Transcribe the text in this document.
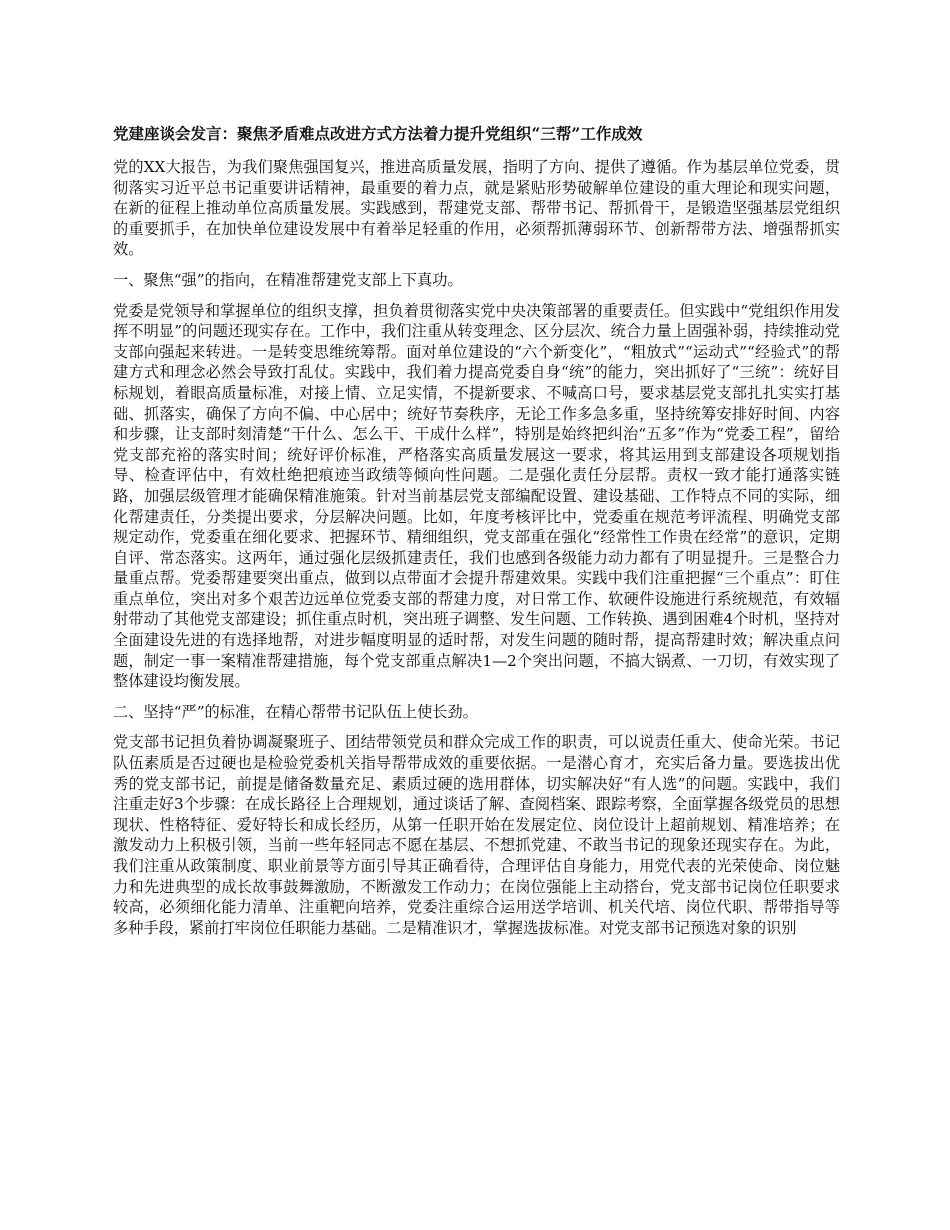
党建座谈会发言：聚焦矛盾难点改进方式方法着力提升党组织“三帮”工作成效
党的XX大报告，为我们聚焦强国复兴，推进高质量发展，指明了方向、提供了遵循。作为基层单位党委，贯彻落实习近平总书记重要讲话精神，最重要的着力点，就是紧贴形势破解单位建设的重大理论和现实问题，在新的征程上推动单位高质量发展。实践感到，帮建党支部、帮带书记、帮抓骨干，是锻造坚强基层党组织的重要抓手，在加快单位建设发展中有着举足轻重的作用，必须帮抓薄弱环节、创新帮带方法、增强帮抓实效。
一、聚焦“强”的指向，在精准帮建党支部上下真功。
党委是党领导和掌握单位的组织支撑，担负着贯彻落实党中央决策部署的重要责任。但实践中“党组织作用发挥不明显”的问题还现实存在。工作中，我们注重从转变理念、区分层次、统合力量上固强补弱，持续推动党支部向强起来转进。一是转变思维统筹帮。面对单位建设的“六个新变化”，“粗放式”“运动式”“经验式”的帮建方式和理念必然会导致打乱仗。实践中，我们着力提高党委自身“统”的能力，突出抓好了“三统”：统好目标规划，着眼高质量标准，对接上情、立足实情，不提新要求、不喊高口号，要求基层党支部扎扎实实打基础、抓落实，确保了方向不偏、中心居中；统好节奏秩序，无论工作多急多重，坚持统筹安排好时间、内容和步骤，让支部时刻清楚“干什么、怎么干、干成什么样”，特别是始终把纠治“五多”作为“党委工程”，留给党支部充裕的落实时间；统好评价标准，严格落实高质量发展这一要求，将其运用到支部建设各项规划指导、检查评估中，有效杜绝把痕迹当政绩等倾向性问题。二是强化责任分层帮。责权一致才能打通落实链路，加强层级管理才能确保精准施策。针对当前基层党支部编配设置、建设基础、工作特点不同的实际，细化帮建责任，分类提出要求，分层解决问题。比如，年度考核评比中，党委重在规范考评流程、明确党支部规定动作，党委重在细化要求、把握环节、精细组织，党支部重在强化“经常性工作贵在经常”的意识，定期自评、常态落实。这两年，通过强化层级抓建责任，我们也感到各级能力动力都有了明显提升。三是整合力量重点帮。党委帮建要突出重点，做到以点带面才会提升帮建效果。实践中我们注重把握“三个重点”：盯住重点单位，突出对多个艰苦边远单位党委支部的帮建力度，对日常工作、软硬件设施进行系统规范，有效辐射带动了其他党支部建设；抓住重点时机，突出班子调整、发生问题、工作转换、遇到困难4个时机，坚持对全面建设先进的有选择地帮，对进步幅度明显的适时帮，对发生问题的随时帮，提高帮建时效；解决重点问题，制定一事一案精准帮建措施，每个党支部重点解决1—2个突出问题，不搞大锅煮、一刀切，有效实现了整体建设均衡发展。
二、坚持“严”的标准，在精心帮带书记队伍上使长劲。
党支部书记担负着协调凝聚班子、团结带领党员和群众完成工作的职责，可以说责任重大、使命光荣。书记队伍素质是否过硬也是检验党委机关指导帮带成效的重要依据。一是潜心育才，充实后备力量。要选拔出优秀的党支部书记，前提是储备数量充足、素质过硬的选用群体，切实解决好“有人选”的问题。实践中，我们注重走好3个步骤：在成长路径上合理规划，通过谈话了解、查阅档案、跟踪考察，全面掌握各级党员的思想现状、性格特征、爱好特长和成长经历，从第一任职开始在发展定位、岗位设计上超前规划、精准培养；在激发动力上积极引领，当前一些年轻同志不愿在基层、不想抓党建、不敢当书记的现象还现实存在。为此，我们注重从政策制度、职业前景等方面引导其正确看待，合理评估自身能力，用党代表的光荣使命、岗位魅力和先进典型的成长故事鼓舞激励，不断激发工作动力；在岗位强能上主动搭台，党支部书记岗位任职要求较高，必须细化能力清单、注重靶向培养，党委注重综合运用送学培训、机关代培、岗位代职、帮带指导等多种手段，紧前打牢岗位任职能力基础。二是精准识才，掌握选拔标准。对党支部书记预选对象的识别
